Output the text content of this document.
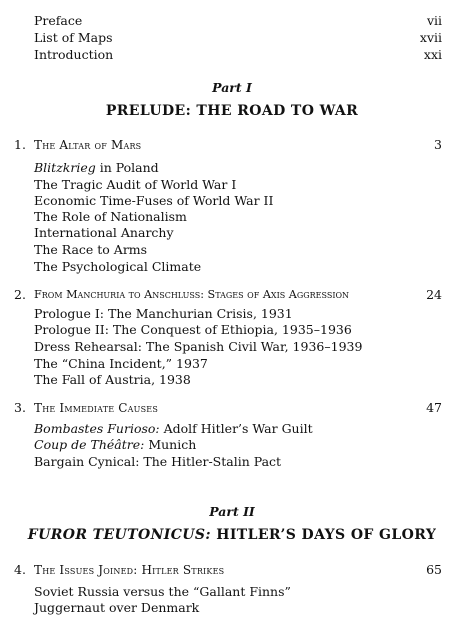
Preface	vii
List of Maps	xvii
Introduction	xxi
Part I
PRELUDE: THE ROAD TO WAR
1. The Altar of Mars	3
Blitzkrieg in Poland
The Tragic Audit of World War I
Economic Time-Fuses of World War II
The Role of Nationalism
International Anarchy
The Race to Arms
The Psychological Climate
2. From Manchuria to Anschluss: Stages of Axis Aggression	24
Prologue I: The Manchurian Crisis, 1931
Prologue II: The Conquest of Ethiopia, 1935–1936
Dress Rehearsal: The Spanish Civil War, 1936–1939
The “China Incident,” 1937
The Fall of Austria, 1938
3. The Immediate Causes	47
Bombastes Furioso: Adolf Hitler’s War Guilt
Coup de Théâtre: Munich
Bargain Cynical: The Hitler-Stalin Pact
Part II
FUROR TEUTONICUS: HITLER’S DAYS OF GLORY
4. The Issues Joined: Hitler Strikes	65
Soviet Russia versus the “Gallant Finns”
Juggernaut over Denmark
